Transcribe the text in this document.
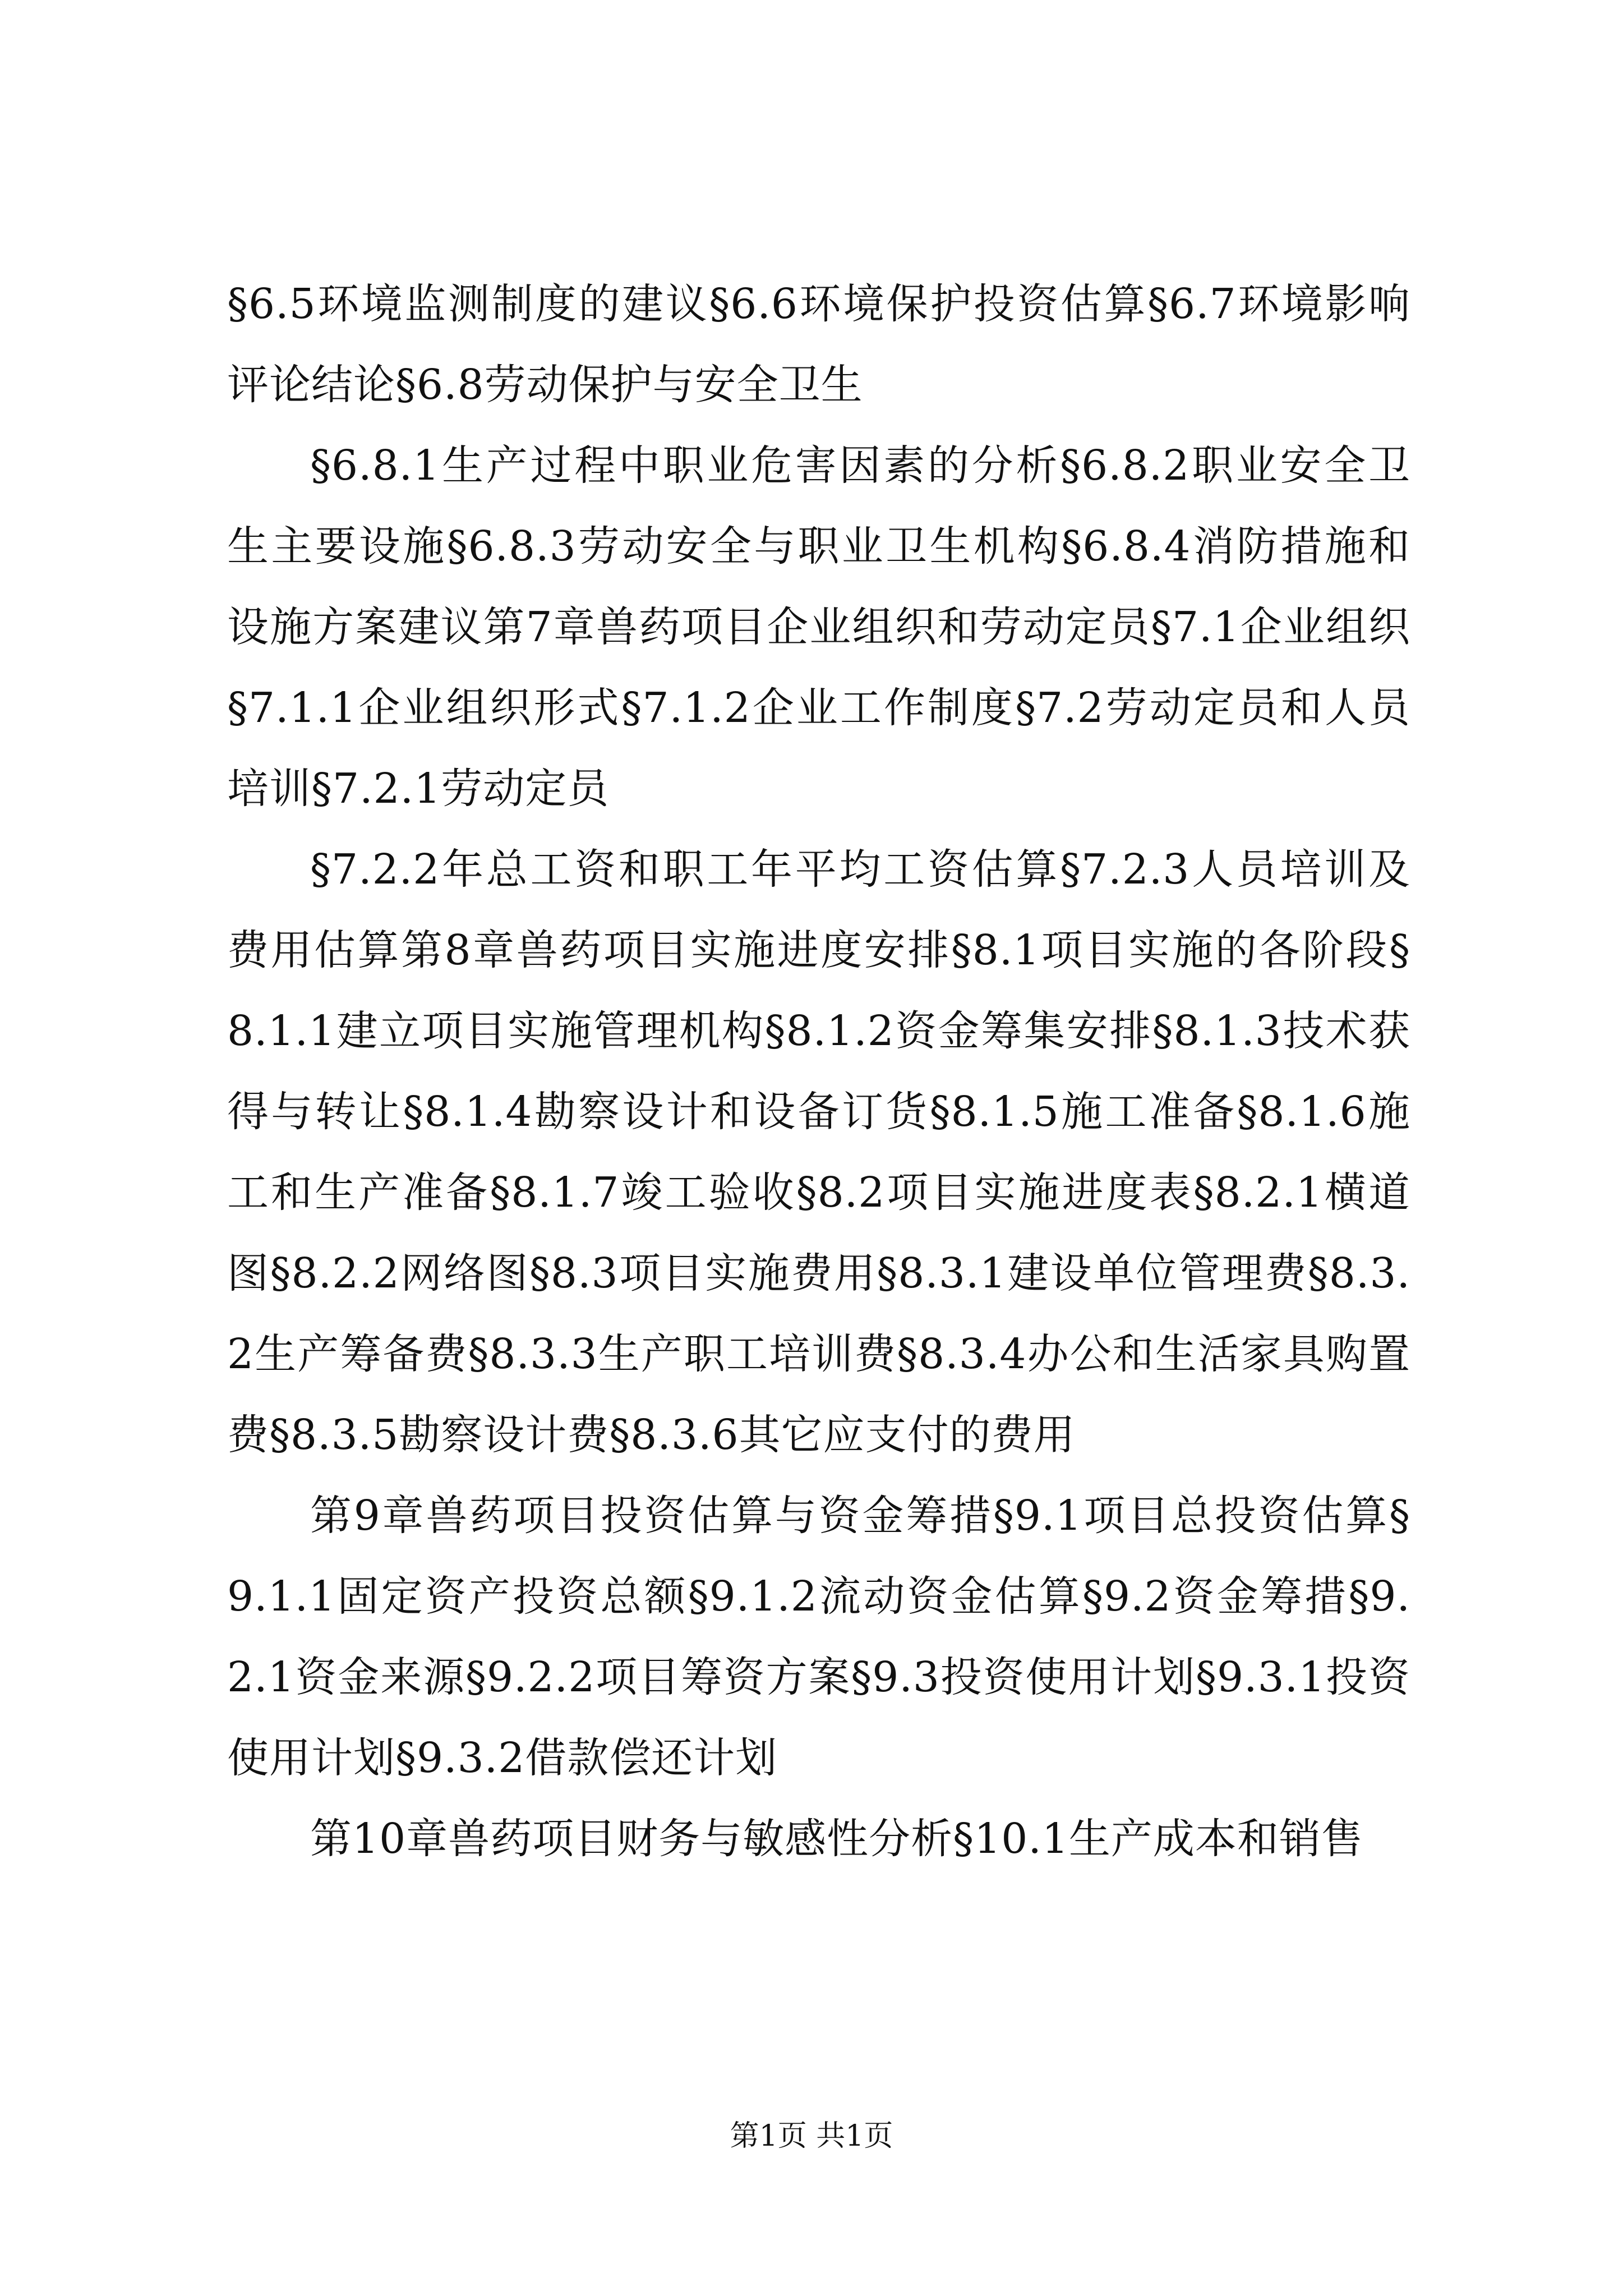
§6.5环境监测制度的建议§6.6环境保护投资估算§6.7环境影响评论结论§6.8劳动保护与安全卫生

§6.8.1生产过程中职业危害因素的分析§6.8.2职业安全卫生主要设施§6.8.3劳动安全与职业卫生机构§6.8.4消防措施和设施方案建议第7章兽药项目企业组织和劳动定员§7.1企业组织§7.1.1企业组织形式§7.1.2企业工作制度§7.2劳动定员和人员培训§7.2.1劳动定员

§7.2.2年总工资和职工年平均工资估算§7.2.3人员培训及费用估算第8章兽药项目实施进度安排§8.1项目实施的各阶段§8.1.1建立项目实施管理机构§8.1.2资金筹集安排§8.1.3技术获得与转让§8.1.4勘察设计和设备订货§8.1.5施工准备§8.1.6施工和生产准备§8.1.7竣工验收§8.2项目实施进度表§8.2.1横道图§8.2.2网络图§8.3项目实施费用§8.3.1建设单位管理费§8.3.2生产筹备费§8.3.3生产职工培训费§8.3.4办公和生活家具购置费§8.3.5勘察设计费§8.3.6其它应支付的费用

第9章兽药项目投资估算与资金筹措§9.1项目总投资估算§9.1.1固定资产投资总额§9.1.2流动资金估算§9.2资金筹措§9.2.1资金来源§9.2.2项目筹资方案§9.3投资使用计划§9.3.1投资使用计划§9.3.2借款偿还计划

第10章兽药项目财务与敏感性分析§10.1生产成本和销售

第1页 共1页
